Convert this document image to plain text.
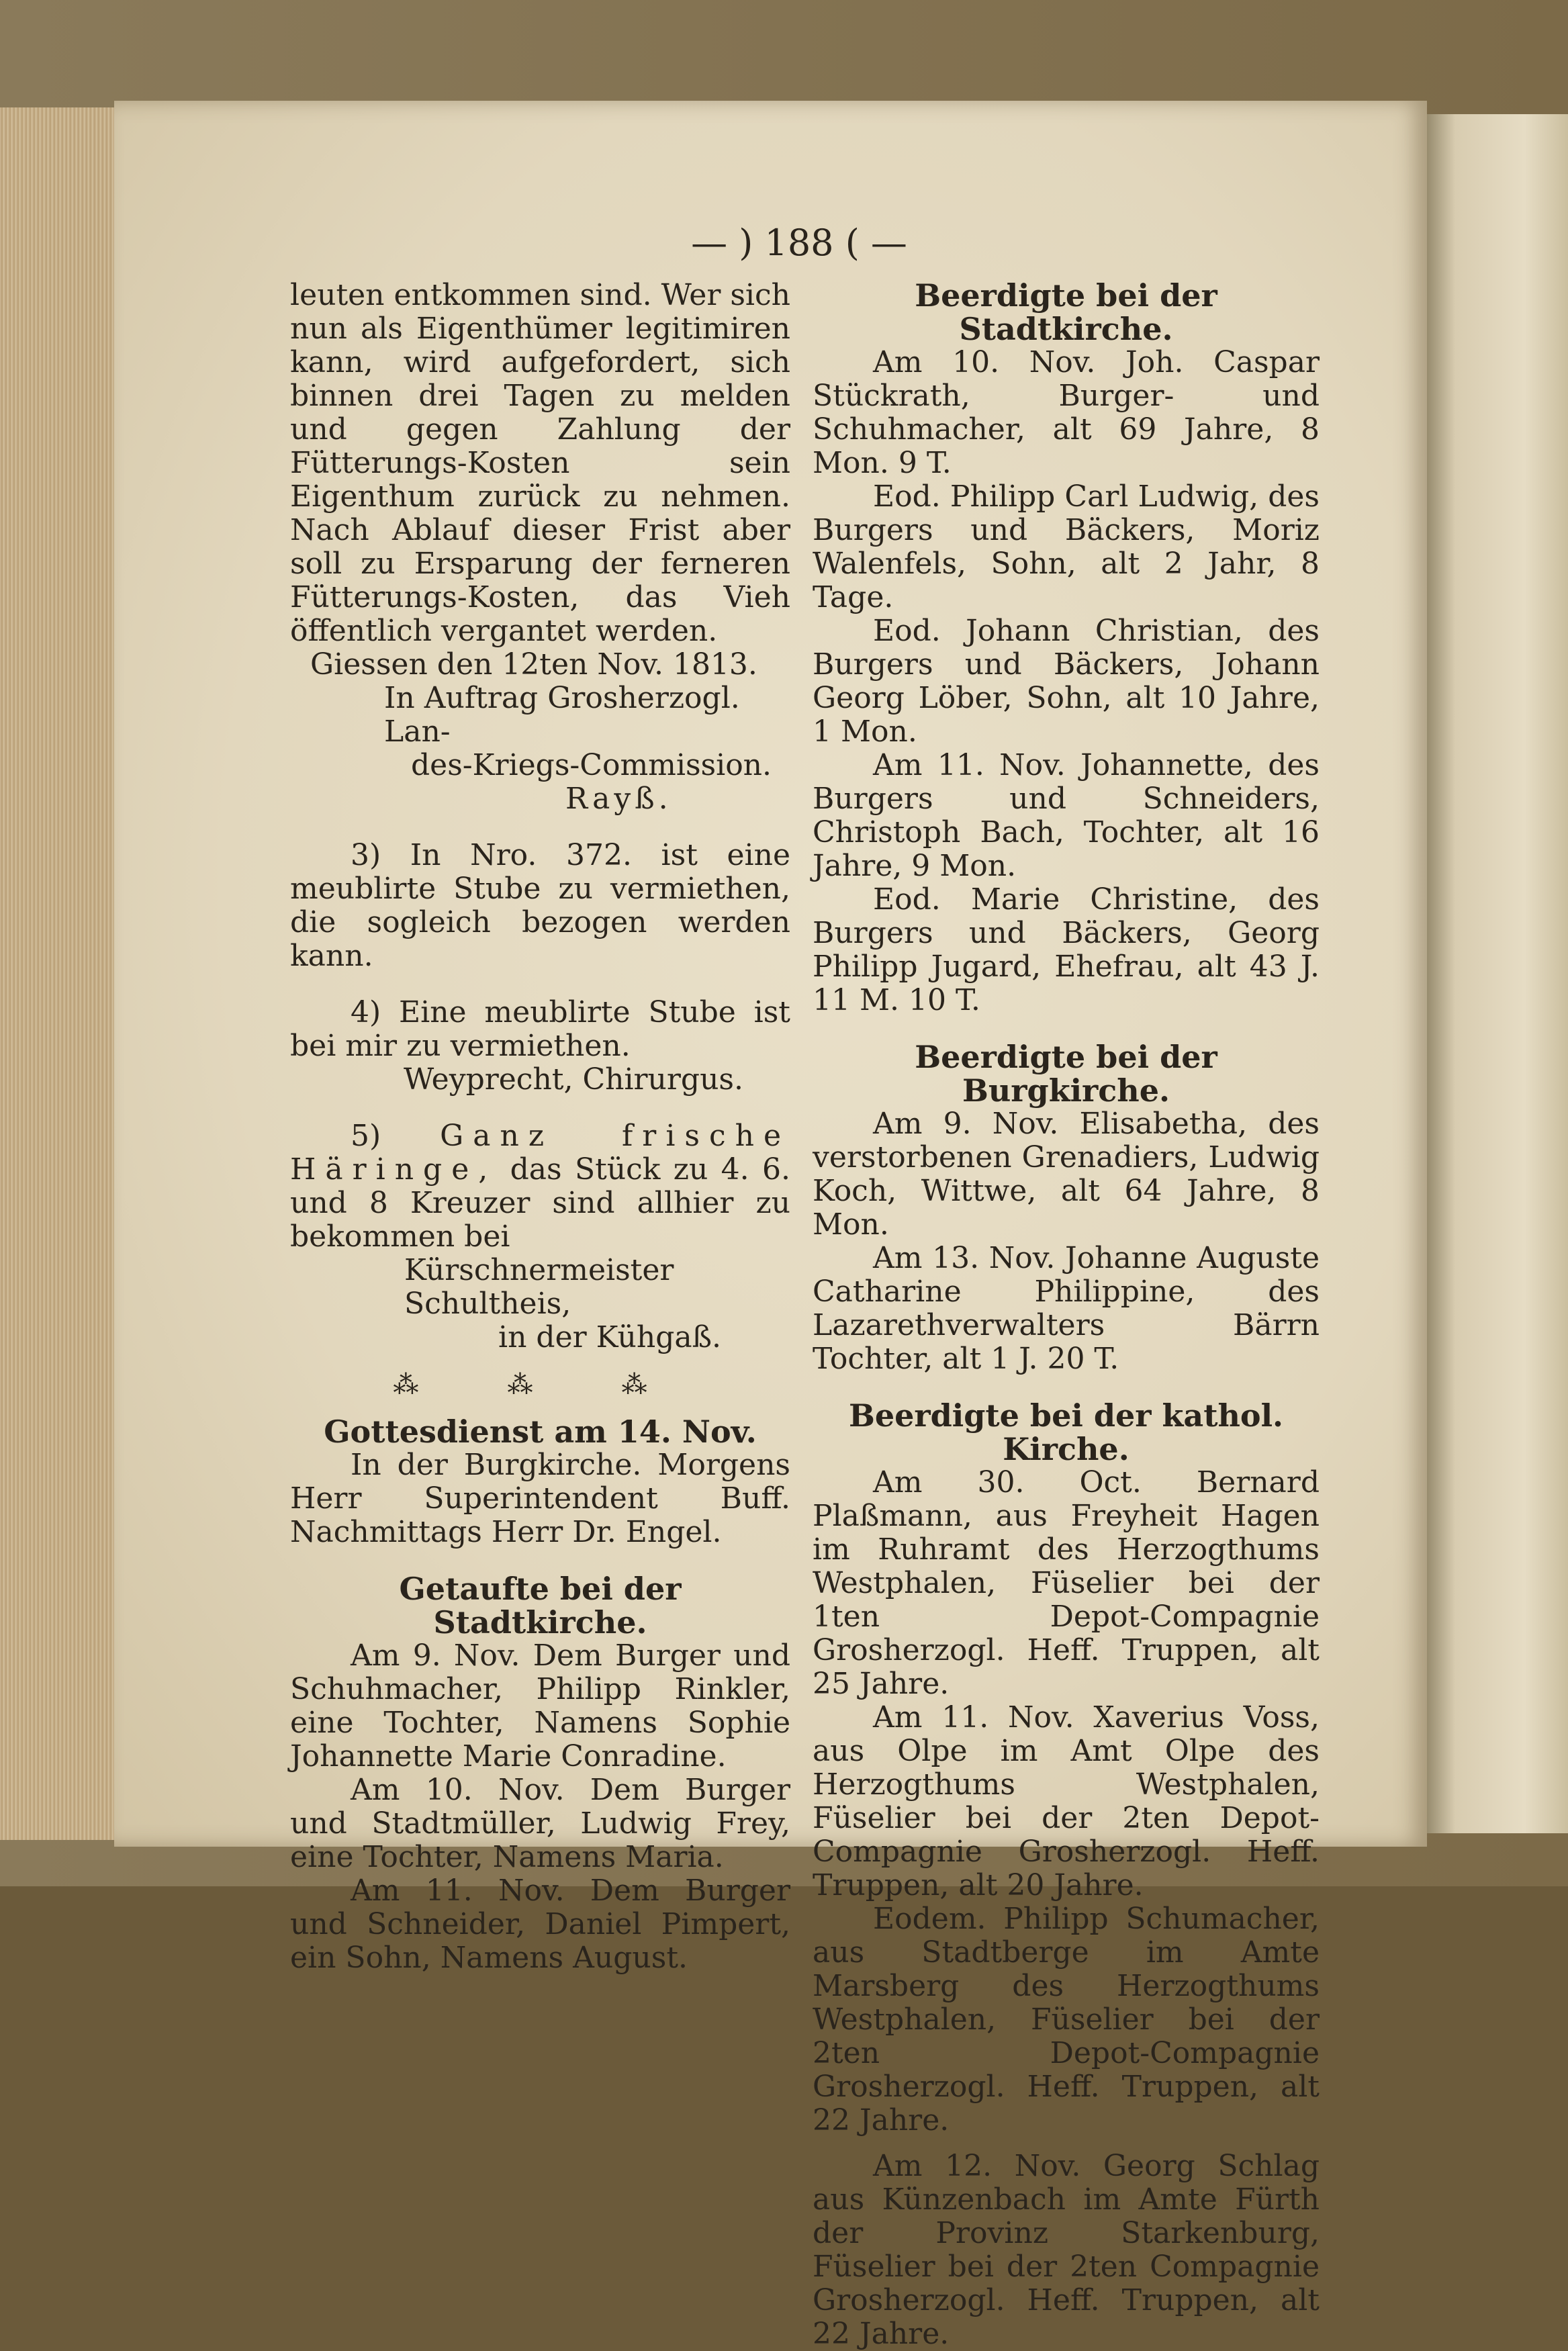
— ) 188 ( —

leuten entkommen sind. Wer sich nun als Eigenthümer legitimiren kann, wird aufgefordert, sich binnen drei Tagen zu melden und gegen Zahlung der Fütterungs-Kosten sein Eigenthum zurück zu nehmen. Nach Ablauf dieser Frist aber soll zu Ersparung der ferneren Fütterungs-Kosten, das Vieh öffentlich vergantet werden.

Giessen den 12ten Nov. 1813.

In Auftrag Grosherzogl. Lan-

des-Kriegs-Commission.

Rayß.

3) In Nro. 372. ist eine meublirte Stube zu vermiethen, die sogleich bezogen werden kann.

4) Eine meublirte Stube ist bei mir zu vermiethen.

Weyprecht, Chirurgus.

5) Ganz frische Häringe, das Stück zu 4. 6. und 8 Kreuzer sind allhier zu bekommen bei

Kürschnermeister Schultheis,

in der Kühgaß.

⁂ ⁂ ⁂

Gottesdienst am 14. Nov.

In der Burgkirche. Morgens Herr Superintendent Buff. Nachmittags Herr Dr. Engel.

Getaufte bei der Stadtkirche.

Am 9. Nov. Dem Burger und Schuhmacher, Philipp Rinkler, eine Tochter, Namens Sophie Johannette Marie Conradine.

Am 10. Nov. Dem Burger und Stadtmüller, Ludwig Frey, eine Tochter, Namens Maria.

Am 11. Nov. Dem Burger und Schneider, Daniel Pimpert, ein Sohn, Namens August.

Beerdigte bei der Stadtkirche.

Am 10. Nov. Joh. Caspar Stückrath, Burger- und Schuhmacher, alt 69 Jahre, 8 Mon. 9 T.

Eod. Philipp Carl Ludwig, des Burgers und Bäckers, Moriz Walenfels, Sohn, alt 2 Jahr, 8 Tage.

Eod. Johann Christian, des Burgers und Bäckers, Johann Georg Löber, Sohn, alt 10 Jahre, 1 Mon.

Am 11. Nov. Johannette, des Burgers und Schneiders, Christoph Bach, Tochter, alt 16 Jahre, 9 Mon.

Eod. Marie Christine, des Burgers und Bäckers, Georg Philipp Jugard, Ehefrau, alt 43 J. 11 M. 10 T.

Beerdigte bei der Burgkirche.

Am 9. Nov. Elisabetha, des verstorbenen Grenadiers, Ludwig Koch, Wittwe, alt 64 Jahre, 8 Mon.

Am 13. Nov. Johanne Auguste Catharine Philippine, des Lazarethverwalters Bärrn Tochter, alt 1 J. 20 T.

Beerdigte bei der kathol. Kirche.

Am 30. Oct. Bernard Plaßmann, aus Freyheit Hagen im Ruhramt des Herzogthums Westphalen, Füselier bei der 1ten Depot-Compagnie Grosherzogl. Heff. Truppen, alt 25 Jahre.

Am 11. Nov. Xaverius Voss, aus Olpe im Amt Olpe des Herzogthums Westphalen, Füselier bei der 2ten Depot-Compagnie Grosherzogl. Heff. Truppen, alt 20 Jahre.

Eodem. Philipp Schumacher, aus Stadtberge im Amte Marsberg des Herzogthums Westphalen, Füselier bei der 2ten Depot-Compagnie Grosherzogl. Heff. Truppen, alt 22 Jahre.

Am 12. Nov. Georg Schlag aus Künzenbach im Amte Fürth der Provinz Starkenburg, Füselier bei der 2ten Compagnie Grosherzogl. Heff. Truppen, alt 22 Jahre.
